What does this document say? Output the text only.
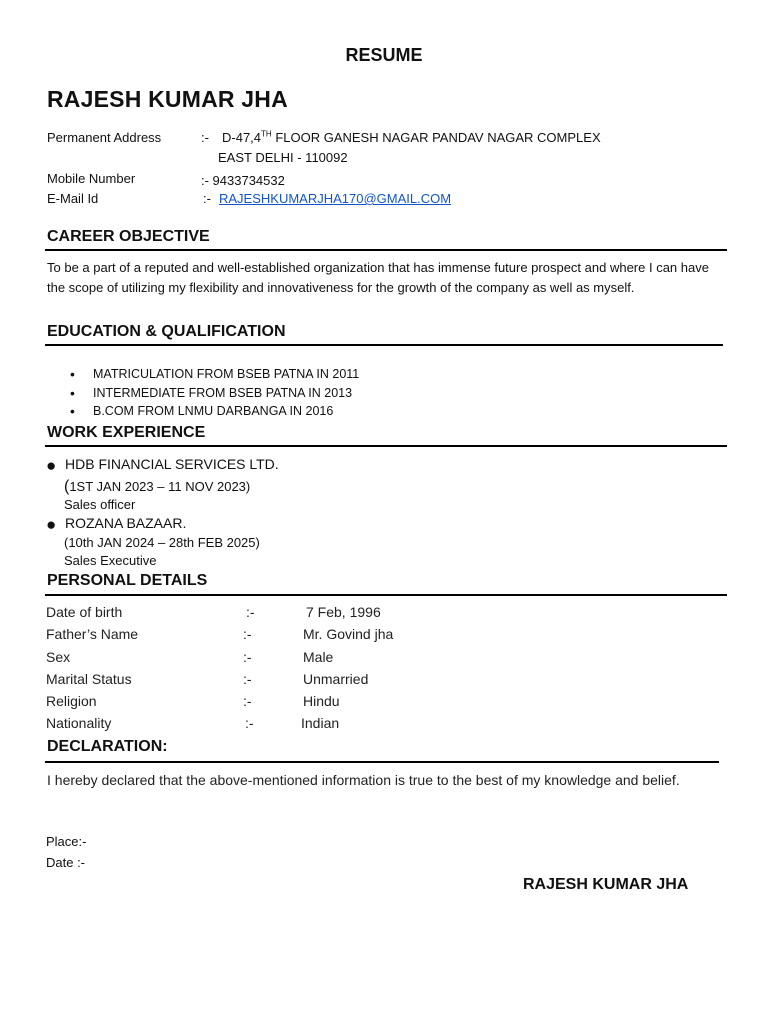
RESUME
RAJESH KUMAR JHA
Permanent Address	:- D-47,4TH FLOOR GANESH NAGAR PANDAV NAGAR COMPLEX
EAST DELHI - 110092
Mobile Number	:- 9433734532
E-Mail Id	:- RAJESHKUMARJHA170@GMAIL.COM
CAREER OBJECTIVE
To be a part of a reputed and well-established organization that has immense future prospect and where I can have the scope of utilizing my flexibility and innovativeness for the growth of the company as well as myself.
EDUCATION & QUALIFICATION
• MATRICULATION FROM BSEB PATNA IN 2011
• INTERMEDIATE FROM BSEB PATNA IN 2013
• B.COM FROM LNMU DARBANGA IN 2016
WORK EXPERIENCE
● HDB FINANCIAL SERVICES LTD.
(1ST JAN 2023 – 11 NOV 2023)
Sales officer
● ROZANA BAZAAR.
(10th JAN 2024 – 28th FEB 2025)
Sales Executive
PERSONAL DETAILS
Date of birth	:-	7 Feb, 1996
Father’s Name	:-	Mr. Govind jha
Sex	:-	Male
Marital Status	:-	Unmarried
Religion	:-	Hindu
Nationality	:-	Indian
DECLARATION:
I hereby declared that the above-mentioned information is true to the best of my knowledge and belief.
Place:-
Date :-
RAJESH KUMAR JHA
